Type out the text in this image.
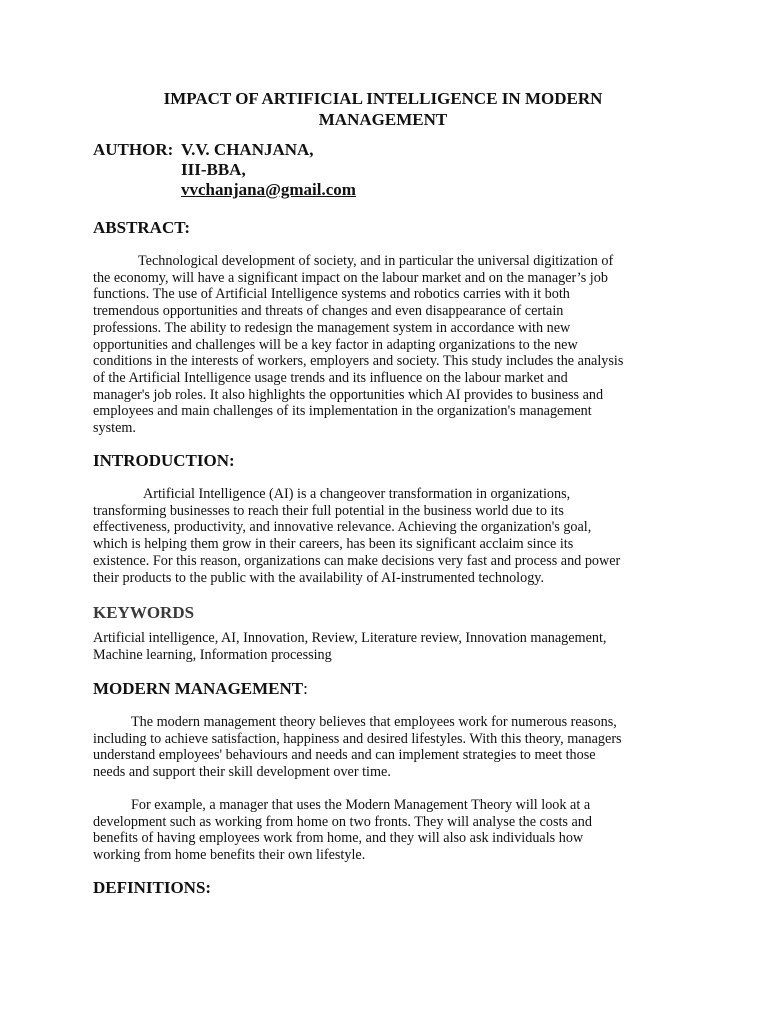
IMPACT OF ARTIFICIAL INTELLIGENCE IN MODERN
MANAGEMENT
AUTHOR: V.V. CHANJANA,
III-BBA,
vvchanjana@gmail.com
ABSTRACT:
Technological development of society, and in particular the universal digitization of
the economy, will have a significant impact on the labour market and on the manager’s job
functions. The use of Artificial Intelligence systems and robotics carries with it both
tremendous opportunities and threats of changes and even disappearance of certain
professions. The ability to redesign the management system in accordance with new
opportunities and challenges will be a key factor in adapting organizations to the new
conditions in the interests of workers, employers and society. This study includes the analysis
of the Artificial Intelligence usage trends and its influence on the labour market and
manager's job roles. It also highlights the opportunities which AI provides to business and
employees and main challenges of its implementation in the organization's management
system.
INTRODUCTION:
Artificial Intelligence (AI) is a changeover transformation in organizations,
transforming businesses to reach their full potential in the business world due to its
effectiveness, productivity, and innovative relevance. Achieving the organization's goal,
which is helping them grow in their careers, has been its significant acclaim since its
existence. For this reason, organizations can make decisions very fast and process and power
their products to the public with the availability of AI-instrumented technology.
KEYWORDS
Artificial intelligence, AI, Innovation, Review, Literature review, Innovation management,
Machine learning, Information processing
MODERN MANAGEMENT:
The modern management theory believes that employees work for numerous reasons,
including to achieve satisfaction, happiness and desired lifestyles. With this theory, managers
understand employees' behaviours and needs and can implement strategies to meet those
needs and support their skill development over time.
For example, a manager that uses the Modern Management Theory will look at a
development such as working from home on two fronts. They will analyse the costs and
benefits of having employees work from home, and they will also ask individuals how
working from home benefits their own lifestyle.
DEFINITIONS:
